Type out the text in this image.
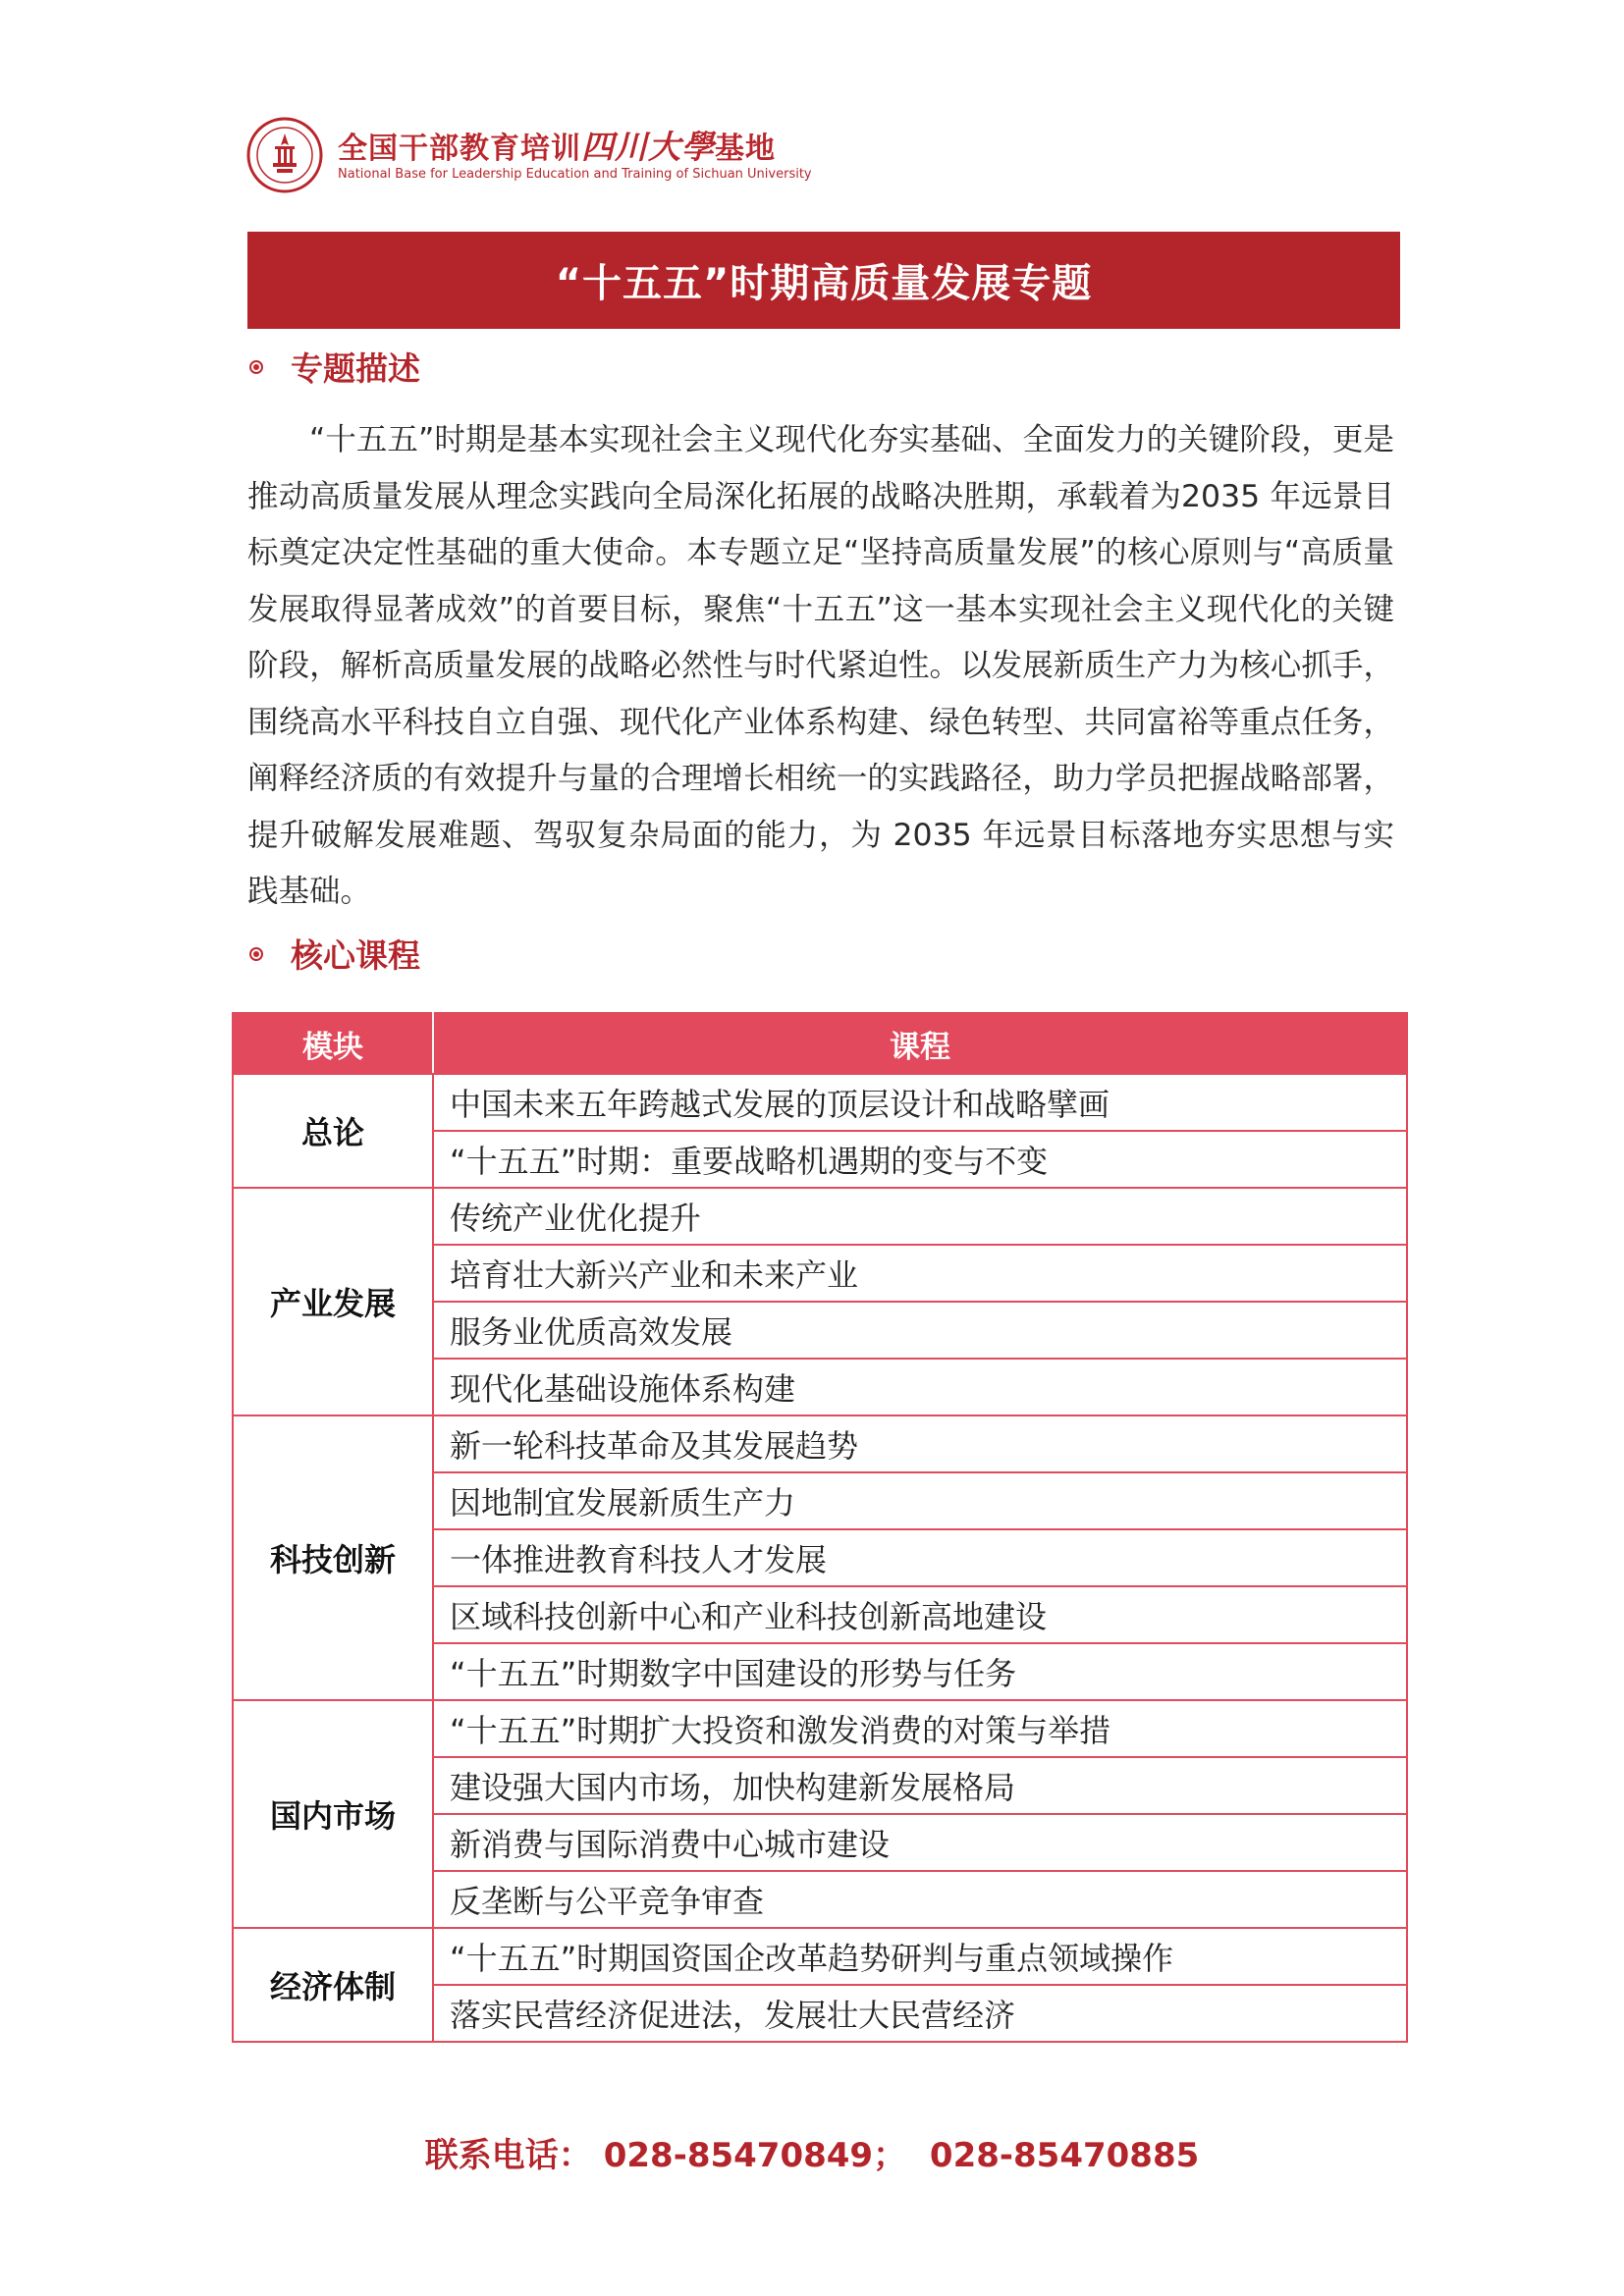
全国干部教育培训四川大學基地
National Base for Leadership Education and Training of Sichuan University
“十五五”时期高质量发展专题
专题描述

“十五五”时期是基本实现社会主义现代化夯实基础、全面发力的关键阶段，更是推动高质量发展从理念实践向全局深化拓展的战略决胜期，承载着为2035 年远景目标奠定决定性基础的重大使命。本专题立足“坚持高质量发展”的核心原则与“高质量发展取得显著成效”的首要目标，聚焦“十五五”这一基本实现社会主义现代化的关键阶段，解析高质量发展的战略必然性与时代紧迫性。以发展新质生产力为核心抓手，围绕高水平科技自立自强、现代化产业体系构建、绿色转型、共同富裕等重点任务，阐释经济质的有效提升与量的合理增长相统一的实践路径，助力学员把握战略部署，提升破解发展难题、驾驭复杂局面的能力，为 2035 年远景目标落地夯实思想与实践基础。

核心课程
模块	课程
总论	中国未来五年跨越式发展的顶层设计和战略擘画
	“十五五”时期：重要战略机遇期的变与不变
产业发展	传统产业优化提升
	培育壮大新兴产业和未来产业
	服务业优质高效发展
	现代化基础设施体系构建
科技创新	新一轮科技革命及其发展趋势
	因地制宜发展新质生产力
	一体推进教育科技人才发展
	区域科技创新中心和产业科技创新高地建设
	“十五五”时期数字中国建设的形势与任务
国内市场	“十五五”时期扩大投资和激发消费的对策与举措
	建设强大国内市场，加快构建新发展格局
	新消费与国际消费中心城市建设
	反垄断与公平竞争审查
经济体制	“十五五”时期国资国企改革趋势研判与重点领域操作
	落实民营经济促进法，发展壮大民营经济
联系电话： 028-85470849； 028-85470885
